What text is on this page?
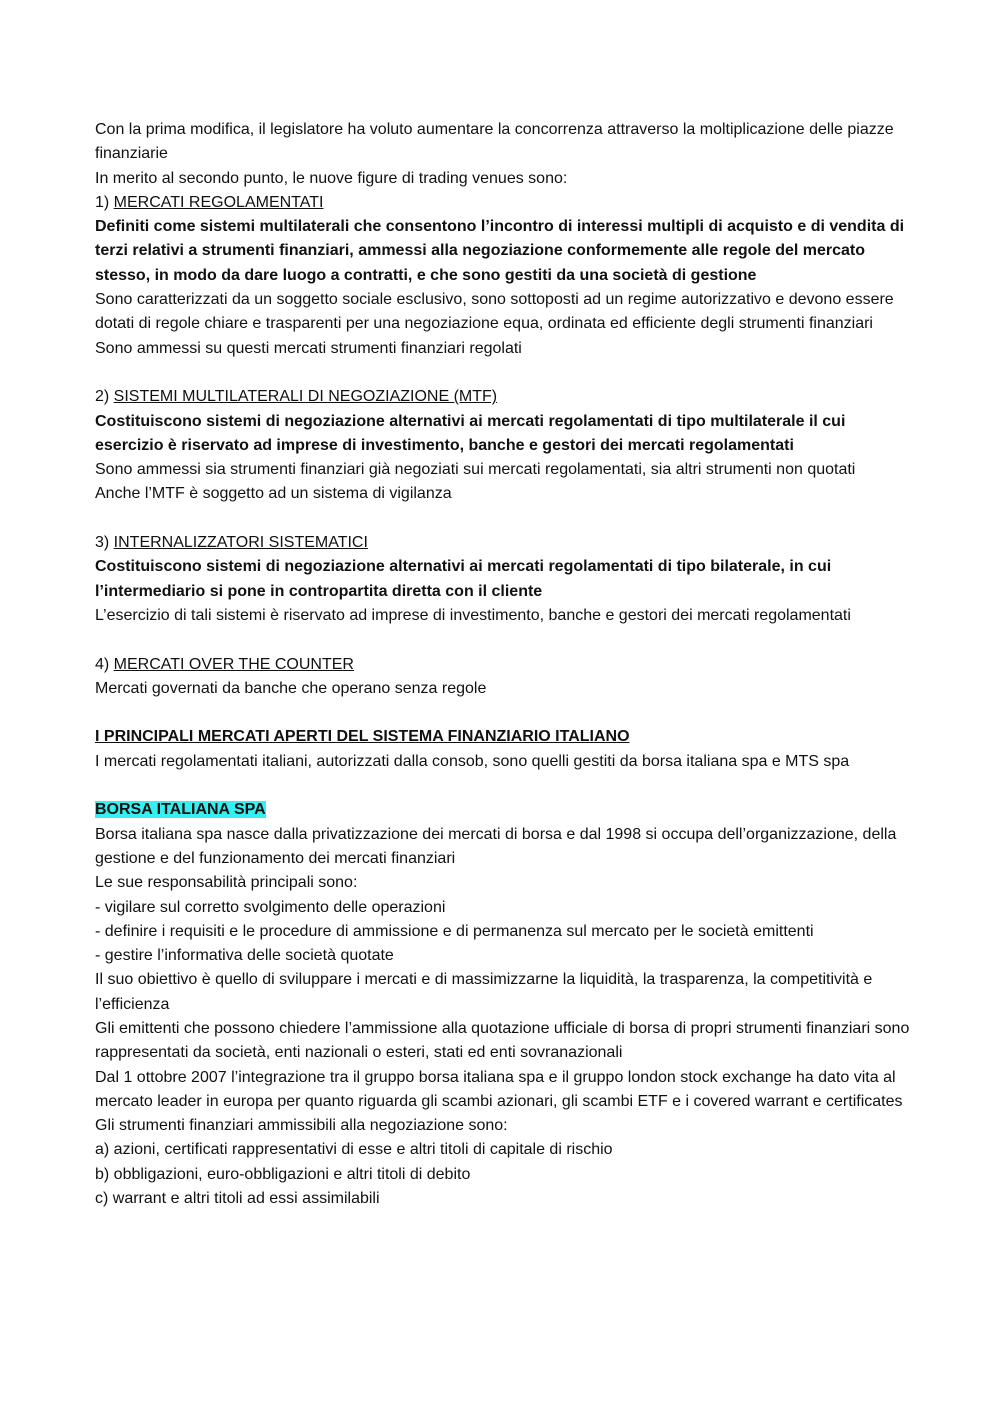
Con la prima modifica, il legislatore ha voluto aumentare la concorrenza attraverso la moltiplicazione delle piazze finanziarie

In merito al secondo punto, le nuove figure di trading venues sono:

1) MERCATI REGOLAMENTATI

Definiti come sistemi multilaterali che consentono l’incontro di interessi multipli di acquisto e di vendita di terzi relativi a strumenti finanziari, ammessi alla negoziazione conformemente alle regole del mercato stesso, in modo da dare luogo a contratti, e che sono gestiti da una società di gestione

Sono caratterizzati da un soggetto sociale esclusivo, sono sottoposti ad un regime autorizzativo e devono essere dotati di regole chiare e trasparenti per una negoziazione equa, ordinata ed efficiente degli strumenti finanziari

Sono ammessi su questi mercati strumenti finanziari regolati

2) SISTEMI MULTILATERALI DI NEGOZIAZIONE (MTF)

Costituiscono sistemi di negoziazione alternativi ai mercati regolamentati di tipo multilaterale il cui esercizio è riservato ad imprese di investimento, banche e gestori dei mercati regolamentati

Sono ammessi sia strumenti finanziari già negoziati sui mercati regolamentati, sia altri strumenti non quotati

Anche l’MTF è soggetto ad un sistema di vigilanza

3) INTERNALIZZATORI SISTEMATICI

Costituiscono sistemi di negoziazione alternativi ai mercati regolamentati di tipo bilaterale, in cui l’intermediario si pone in contropartita diretta con il cliente

L’esercizio di tali sistemi è riservato ad imprese di investimento, banche e gestori dei mercati regolamentati

4) MERCATI OVER THE COUNTER

Mercati governati da banche che operano senza regole

I PRINCIPALI MERCATI APERTI DEL SISTEMA FINANZIARIO ITALIANO

I mercati regolamentati italiani, autorizzati dalla consob, sono quelli gestiti da borsa italiana spa e MTS spa

BORSA ITALIANA SPA

Borsa italiana spa nasce dalla privatizzazione dei mercati di borsa e dal 1998 si occupa dell’organizzazione, della gestione e del funzionamento dei mercati finanziari

Le sue responsabilità principali sono:

- vigilare sul corretto svolgimento delle operazioni

- definire i requisiti e le procedure di ammissione e di permanenza sul mercato per le società emittenti

- gestire l’informativa delle società quotate

Il suo obiettivo è quello di sviluppare i mercati e di massimizzarne la liquidità, la trasparenza, la competitività e l’efficienza

Gli emittenti che possono chiedere l’ammissione alla quotazione ufficiale di borsa di propri strumenti finanziari sono rappresentati da società, enti nazionali o esteri, stati ed enti sovranazionali

Dal 1 ottobre 2007 l’integrazione tra il gruppo borsa italiana spa e il gruppo london stock exchange ha dato vita al mercato leader in europa per quanto riguarda gli scambi azionari, gli scambi ETF e i covered warrant e certificates

Gli strumenti finanziari ammissibili alla negoziazione sono:

a) azioni, certificati rappresentativi di esse e altri titoli di capitale di rischio

b) obbligazioni, euro-obbligazioni e altri titoli di debito

c) warrant e altri titoli ad essi assimilabili
